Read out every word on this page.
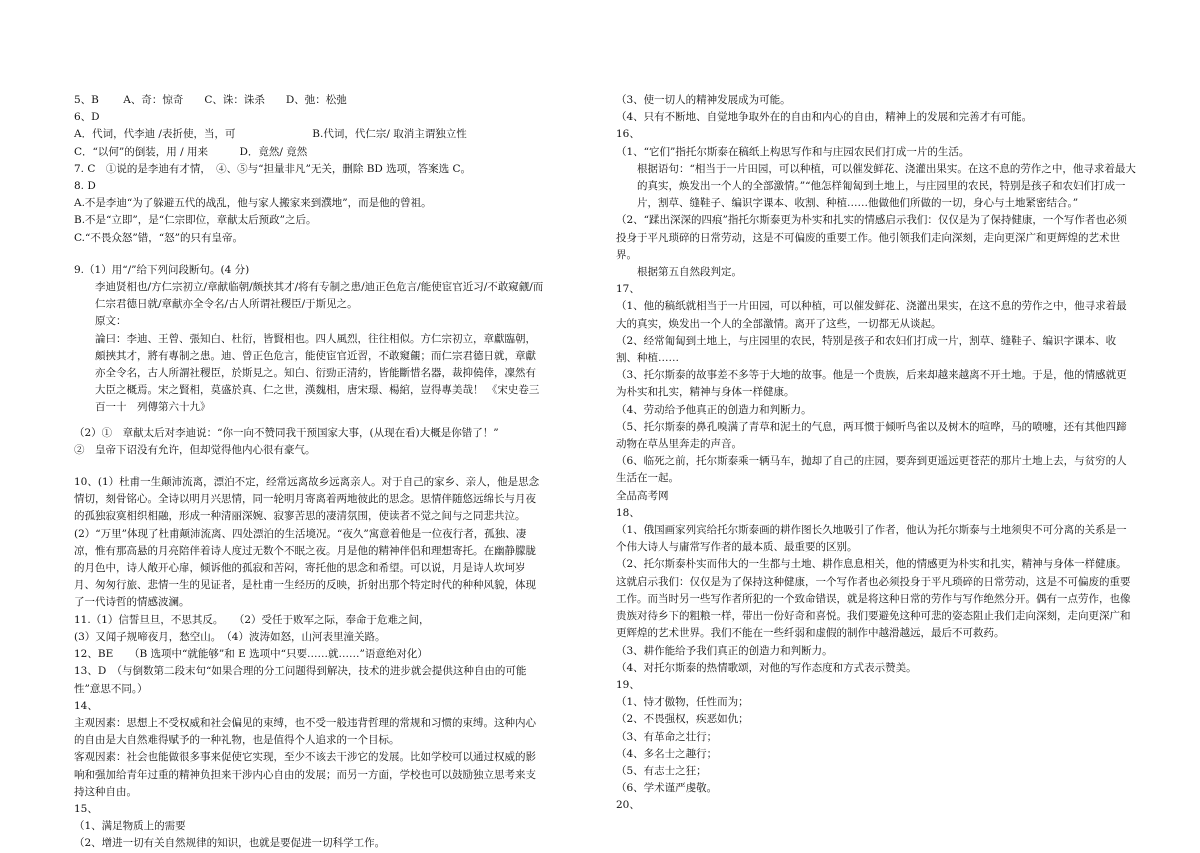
5、B　　 A、奇：惊奇　　C、诛：诛杀　　D、弛：松弛

6、D

A．代词，代李迪 /表折使，当，可　　　　　　　 B.代词，代仁宗/ 取消主谓独立性

C．“以何”的倒装，用 / 用来　　　D．竟然/ 竟然

7. C　①说的是李迪有才情，　④、⑤与“担量非凡”无关，删除 BD 选项，答案选 C。

8. D

A.不是李迪“为了躲避五代的战乱，他与家人搬家来到濮地”，而是他的曾祖。

B.不是“立即”，是“仁宗即位，章献太后预政”之后。

C.“不畏众怒”错，“怒”的只有皇帝。

9.（1）用“/”给下列问段断句。(4 分)

李迪贤相也/方仁宗初立/章献临朝/颇挟其才/将有专制之患/迪正色危言/能使宦官近习/不敢窥觎/而仁宗君德日就/章献亦全令名/古人所谓社稷臣/于斯见之。

原文：

論曰：李迪、王曾、張知白、杜衍，皆賢相也。四人風烈，往往相似。方仁宗初立，章獻臨朝，頗挾其才，將有專制之患。迪、曾正色危言，能使宦官近習，不敢窺覦；而仁宗君德日就，章獻亦全令名，古人所謂社稷臣，於斯見之。知白、衍勁正清約，皆能斷惜名器，裁抑僥倖，凜然有大臣之概焉。宋之賢相，莫盛於真、仁之世，漢魏相，唐宋璟、楊綰，豈得專美哉！ 《宋史卷三百一十　列傳第六十九》

（2）①　章献太后对李迪说：“你一向不赞同我干预国家大事，(从现在看)大概是你错了！”

②　皇帝下诏没有允许，但却觉得他内心很有豪气。

10、(1）杜甫一生颠沛流离，漂泊不定，经常远离故乡远离亲人。对于自己的家乡、亲人，他是思念情切，刻骨铭心。全诗以明月兴思情，同一轮明月寄离着两地彼此的思念。思情伴随悠远绵长与月夜的孤独寂寞相织相融，形成一种清丽深婉、寂寥苦思的凄清氛围，使读者不觉之间与之同悲共泣。

(2）“万里”体现了杜甫颠沛流离、四处漂泊的生活境况。“夜久”寓意着他是一位夜行者，孤独、凄凉，惟有那高悬的月亮陪伴着诗人度过无数个不眠之夜。月是他的精神伴侣和理想寄托。在幽静朦胧的月色中，诗人敞开心扉，倾诉他的孤寂和苦闷，寄托他的思念和希望。可以说，月是诗人坎坷岁月、匆匆行旅、悲情一生的见证者，是杜甫一生经历的反映，折射出那个特定时代的种种风貌，体现了一代诗哲的情感波澜。

11.（1）信誓旦旦，不思其反。　　（2）受任于败军之际，奉命于危难之间，

(3）又闻子规啼夜月，愁空山。　（4）波涛如怒，山河表里潼关路。

12、BE　　（B 选项中“就能够”和 E 选项中“只要……就……”语意绝对化）

13、D　（与倒数第二段末句“如果合理的分工问题得到解决，技术的进步就会提供这种自由的可能性”意思不同。）

14、

主观因素：思想上不受权威和社会偏见的束缚，也不受一般违背哲理的常规和习惯的束缚。这种内心的自由是大自然难得赋予的一种礼物，也是值得个人追求的一个目标。

客观因素：社会也能做很多事来促使它实现，至少不该去干涉它的发展。比如学校可以通过权威的影响和强加给青年过重的精神负担来干涉内心自由的发展；而另一方面，学校也可以鼓励独立思考来支持这种自由。

15、

（1、满足物质上的需要

（2、增进一切有关自然规律的知识，也就是要促进一切科学工作。

（3、使一切人的精神发展成为可能。

（4、只有不断地、自觉地争取外在的自由和内心的自由，精神上的发展和完善才有可能。

16、

（1、“它们”指托尔斯泰在稿纸上构思写作和与庄园农民们打成一片的生活。

根据语句：“相当于一片田园，可以种植，可以催发鲜花、浇灌出果实。在这不息的劳作之中，他寻求着最大的真实，焕发出一个人的全部激情。”“他怎样匍匐到土地上，与庄园里的农民，特别是孩子和农妇们打成一片，割草、缝鞋子、编识字课本、收割、种植……他做他们所做的一切，身心与土地紧密结合。”

（2、“蹂出深深的四痕”指托尔斯泰更为朴实和扎实的情感启示我们：仅仅是为了保持健康，一个写作者也必须投身于平凡琐碎的日常劳动，这是不可偏废的重要工作。他引领我们走向深刻，走向更深广和更辉煌的艺术世界。

根据第五自然段判定。

17、

（1、他的稿纸就相当于一片田园，可以种植，可以催发鲜花、浇灌出果实，在这不息的劳作之中，他寻求着最大的真实，焕发出一个人的全部激情。离开了这些，一切都无从谈起。

（2、经常匍匐到土地上，与庄园里的农民，特别是孩子和农妇们打成一片，割草、缝鞋子、编识字课本、收割、种植……

（3、托尔斯泰的故事差不多等于大地的故事。他是一个贵族，后来却越来越离不开土地。于是，他的情感就更为朴实和扎实，精神与身体一样健康。

（4、劳动给予他真正的创造力和判断力。

（5、托尔斯泰的鼻孔嗅满了青草和泥土的气息，两耳惯于倾听鸟雀以及树木的喧哗，马的喷嚏，还有其他四蹄动物在草丛里奔走的声音。

（6、临死之前，托尔斯泰乘一辆马车，抛却了自己的庄园，要奔到更遥远更苍茫的那片土地上去，与贫穷的人生活在一起。

全品高考网

18、

（1、俄国画家列宾给托尔斯泰画的耕作图长久地吸引了作者，他认为托尔斯泰与土地须臾不可分离的关系是一个伟大诗人与庸常写作者的最本质、最重要的区别。

（2、托尔斯泰朴实而伟大的一生都与土地、耕作息息相关，他的情感更为朴实和扎实，精神与身体一样健康。这就启示我们：仅仅是为了保持这种健康，一个写作者也必须投身于平凡琐碎的日常劳动，这是不可偏废的重要工作。而当时另一些写作者所犯的一个致命错误，就是将这种日常的劳作与写作绝然分开。偶有一点劳作，也像贵族对待乡下的粗粮一样，带出一份好奇和喜悦。我们要避免这种可悲的姿态阻止我们走向深刻，走向更深广和更辉煌的艺术世界。我们不能在一些纤弱和虚假的制作中越滑越远，最后不可救药。

（3、耕作能给予我们真正的创造力和判断力。

（4、对托尔斯泰的热情歌颂，对他的写作态度和方式表示赞美。

19、

（1、恃才傲物，任性而为；

（2、不畏强权，疾恶如仇；

（3、有革命之壮行；

（4、多名士之趣行；

（5、有志士之狂；

（6、学术谨严虔敬。

20、
